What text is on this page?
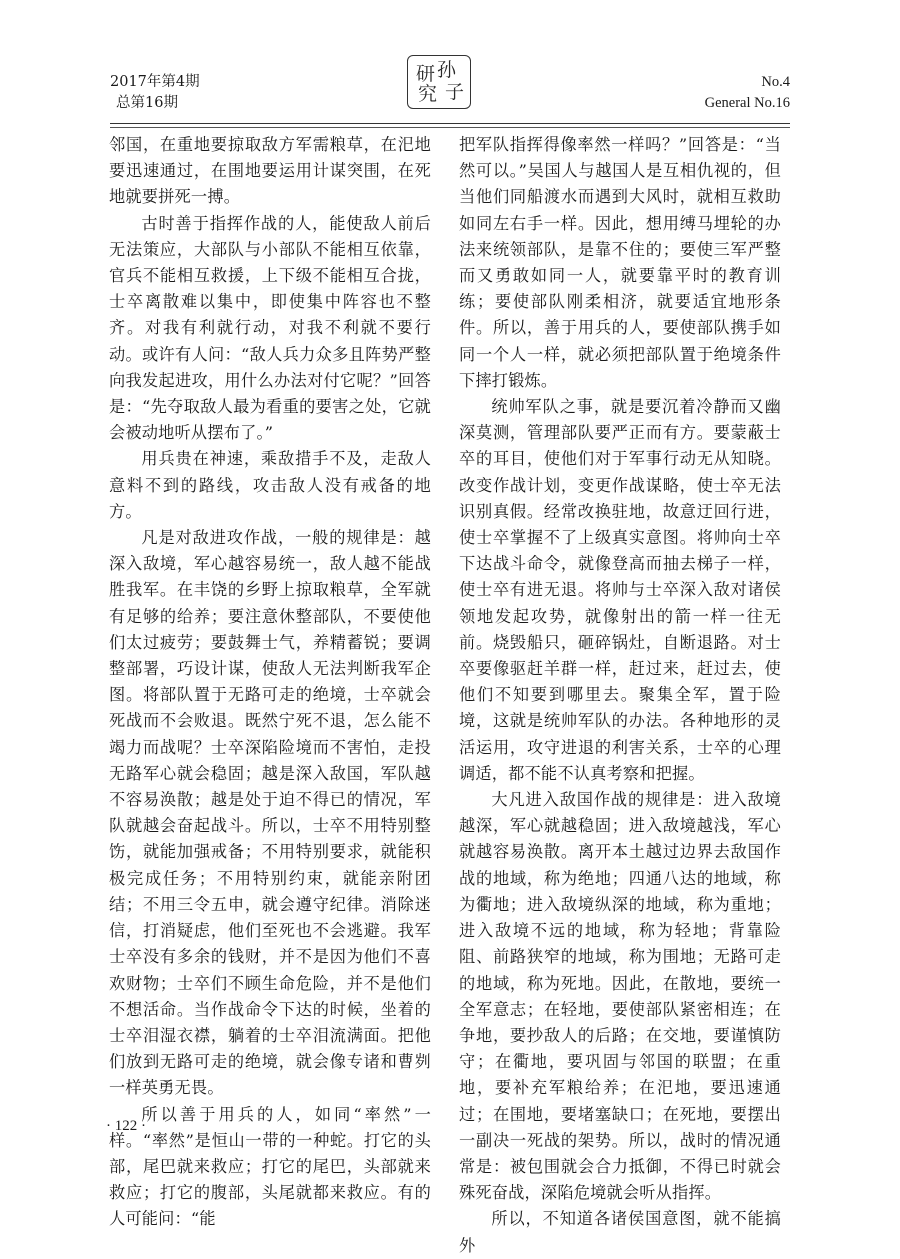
2017年第4期
总第16期
孙
子
研
究
No.4
General No.16

邻国，在重地要掠取敌方军需粮草，在汜地要迅速通过，在围地要运用计谋突围，在死地就要拼死一搏。

古时善于指挥作战的人，能使敌人前后无法策应，大部队与小部队不能相互依靠，官兵不能相互救援，上下级不能相互合拢，士卒离散难以集中，即使集中阵容也不整齐。对我有利就行动，对我不利就不要行动。或许有人问：“敌人兵力众多且阵势严整向我发起进攻，用什么办法对付它呢？”回答是：“先夺取敌人最为看重的要害之处，它就会被动地听从摆布了。”

用兵贵在神速，乘敌措手不及，走敌人意料不到的路线，攻击敌人没有戒备的地方。

凡是对敌进攻作战，一般的规律是：越深入敌境，军心越容易统一，敌人越不能战胜我军。在丰饶的乡野上掠取粮草，全军就有足够的给养；要注意休整部队，不要使他们太过疲劳；要鼓舞士气，养精蓄锐；要调整部署，巧设计谋，使敌人无法判断我军企图。将部队置于无路可走的绝境，士卒就会死战而不会败退。既然宁死不退，怎么能不竭力而战呢？士卒深陷险境而不害怕，走投无路军心就会稳固；越是深入敌国，军队越不容易涣散；越是处于迫不得已的情况，军队就越会奋起战斗。所以，士卒不用特别整饬，就能加强戒备；不用特别要求，就能积极完成任务；不用特别约束，就能亲附团结；不用三令五申，就会遵守纪律。消除迷信，打消疑虑，他们至死也不会逃避。我军士卒没有多余的钱财，并不是因为他们不喜欢财物；士卒们不顾生命危险，并不是他们不想活命。当作战命令下达的时候，坐着的士卒泪湿衣襟，躺着的士卒泪流满面。把他们放到无路可走的绝境，就会像专诸和曹刿一样英勇无畏。

所以善于用兵的人，如同“率然”一样。“率然”是恒山一带的一种蛇。打它的头部，尾巴就来救应；打它的尾巴，头部就来救应；打它的腹部，头尾就都来救应。有的人可能问：“能

把军队指挥得像率然一样吗？”回答是：“当然可以。”吴国人与越国人是互相仇视的，但当他们同船渡水而遇到大风时，就相互救助如同左右手一样。因此，想用缚马埋轮的办法来统领部队，是靠不住的；要使三军严整而又勇敢如同一人，就要靠平时的教育训练；要使部队刚柔相济，就要适宜地形条件。所以，善于用兵的人，要使部队携手如同一个人一样，就必须把部队置于绝境条件下摔打锻炼。

统帅军队之事，就是要沉着冷静而又幽深莫测，管理部队要严正而有方。要蒙蔽士卒的耳目，使他们对于军事行动无从知晓。改变作战计划，变更作战谋略，使士卒无法识别真假。经常改换驻地，故意迂回行进，使士卒掌握不了上级真实意图。将帅向士卒下达战斗命令，就像登高而抽去梯子一样，使士卒有进无退。将帅与士卒深入敌对诸侯领地发起攻势，就像射出的箭一样一往无前。烧毁船只，砸碎锅灶，自断退路。对士卒要像驱赶羊群一样，赶过来，赶过去，使他们不知要到哪里去。聚集全军，置于险境，这就是统帅军队的办法。各种地形的灵活运用，攻守进退的利害关系，士卒的心理调适，都不能不认真考察和把握。

大凡进入敌国作战的规律是：进入敌境越深，军心就越稳固；进入敌境越浅，军心就越容易涣散。离开本土越过边界去敌国作战的地域，称为绝地；四通八达的地域，称为衢地；进入敌境纵深的地域，称为重地；进入敌境不远的地域，称为轻地；背靠险阻、前路狭窄的地域，称为围地；无路可走的地域，称为死地。因此，在散地，要统一全军意志；在轻地，要使部队紧密相连；在争地，要抄敌人的后路；在交地，要谨慎防守；在衢地，要巩固与邻国的联盟；在重地，要补充军粮给养；在汜地，要迅速通过；在围地，要堵塞缺口；在死地，要摆出一副决一死战的架势。所以，战时的情况通常是：被包围就会合力抵御，不得已时就会殊死奋战，深陷危境就会听从指挥。

所以，不知道各诸侯国意图，就不能搞外

· 122 ·
